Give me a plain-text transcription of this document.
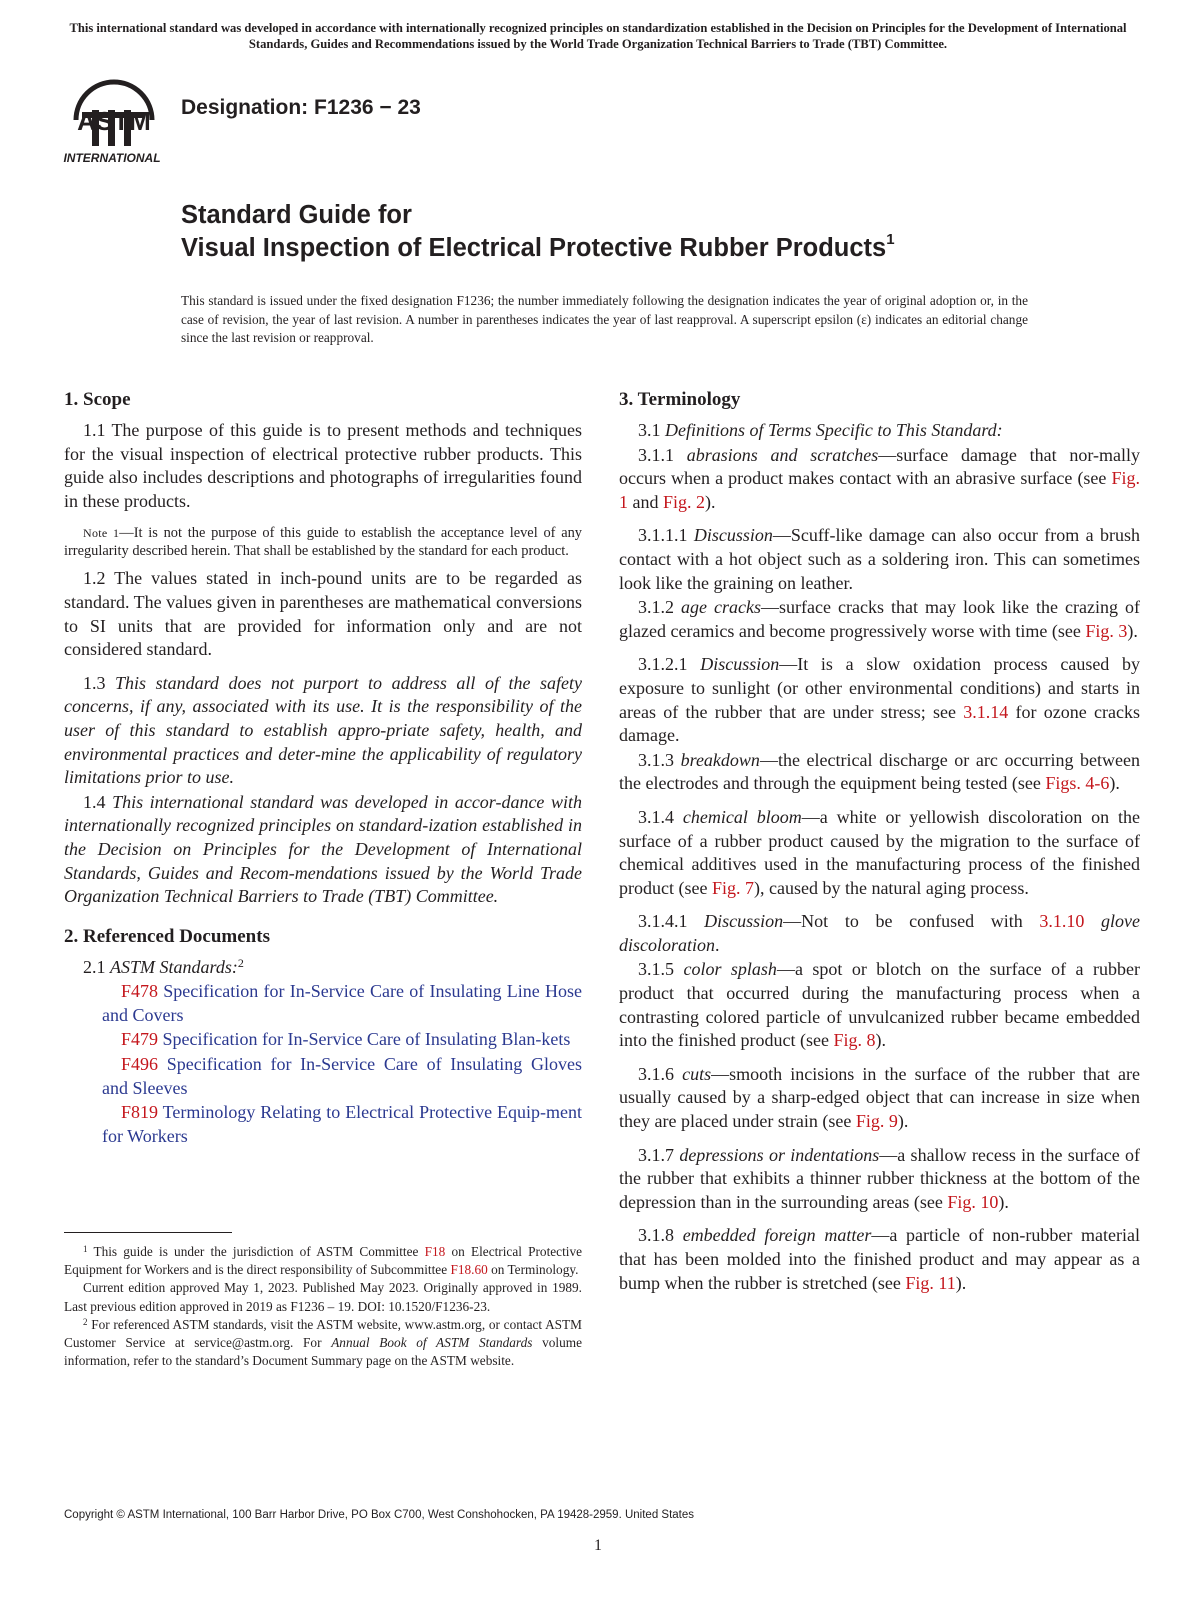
This international standard was developed in accordance with internationally recognized principles on standardization established in the Decision on Principles for the Development of International Standards, Guides and Recommendations issued by the World Trade Organization Technical Barriers to Trade (TBT) Committee.
ASTM
INTERNATIONAL
Designation: F1236 − 23
Standard Guide for
Visual Inspection of Electrical Protective Rubber Products$^1$
This standard is issued under the fixed designation F1236; the number immediately following the designation indicates the year of original adoption or, in the case of revision, the year of last revision. A number in parentheses indicates the year of last reapproval. A superscript epsilon (ε) indicates an editorial change since the last revision or reapproval.
1. Scope

1.1 The purpose of this guide is to present methods and techniques for the visual inspection of electrical protective rubber products. This guide also includes descriptions and photographs of irregularities found in these products.

Note 1—It is not the purpose of this guide to establish the acceptance level of any irregularity described herein. That shall be established by the standard for each product.

1.2 The values stated in inch-pound units are to be regarded as standard. The values given in parentheses are mathematical conversions to SI units that are provided for information only and are not considered standard.

1.3 This standard does not purport to address all of the safety concerns, if any, associated with its use. It is the responsibility of the user of this standard to establish appro-priate safety, health, and environmental practices and deter-mine the applicability of regulatory limitations prior to use.

1.4 This international standard was developed in accor-dance with internationally recognized principles on standard-ization established in the Decision on Principles for the Development of International Standards, Guides and Recom-mendations issued by the World Trade Organization Technical Barriers to Trade (TBT) Committee.

2. Referenced Documents

2.1 ASTM Standards:$^2$

F478 Specification for In-Service Care of Insulating Line Hose and Covers

F479 Specification for In-Service Care of Insulating Blan-kets

F496 Specification for In-Service Care of Insulating Gloves and Sleeves

F819 Terminology Relating to Electrical Protective Equip-ment for Workers

$^1$ This guide is under the jurisdiction of ASTM Committee F18 on Electrical Protective Equipment for Workers and is the direct responsibility of Subcommittee F18.60 on Terminology.

Current edition approved May 1, 2023. Published May 2023. Originally approved in 1989. Last previous edition approved in 2019 as F1236 – 19. DOI: 10.1520/F1236-23.

$^2$ For referenced ASTM standards, visit the ASTM website, www.astm.org, or contact ASTM Customer Service at service@astm.org. For Annual Book of ASTM Standards volume information, refer to the standard’s Document Summary page on the ASTM website.

3. Terminology

3.1 Definitions of Terms Specific to This Standard:

3.1.1 abrasions and scratches—surface damage that nor-mally occurs when a product makes contact with an abrasive surface (see Fig. 1 and Fig. 2).

3.1.1.1 Discussion—Scuff-like damage can also occur from a brush contact with a hot object such as a soldering iron. This can sometimes look like the graining on leather.

3.1.2 age cracks—surface cracks that may look like the crazing of glazed ceramics and become progressively worse with time (see Fig. 3).

3.1.2.1 Discussion—It is a slow oxidation process caused by exposure to sunlight (or other environmental conditions) and starts in areas of the rubber that are under stress; see 3.1.14 for ozone cracks damage.

3.1.3 breakdown—the electrical discharge or arc occurring between the electrodes and through the equipment being tested (see Figs. 4-6).

3.1.4 chemical bloom—a white or yellowish discoloration on the surface of a rubber product caused by the migration to the surface of chemical additives used in the manufacturing process of the finished product (see Fig. 7), caused by the natural aging process.

3.1.4.1 Discussion—Not to be confused with 3.1.10 glove discoloration.

3.1.5 color splash—a spot or blotch on the surface of a rubber product that occurred during the manufacturing process when a contrasting colored particle of unvulcanized rubber became embedded into the finished product (see Fig. 8).

3.1.6 cuts—smooth incisions in the surface of the rubber that are usually caused by a sharp-edged object that can increase in size when they are placed under strain (see Fig. 9).

3.1.7 depressions or indentations—a shallow recess in the surface of the rubber that exhibits a thinner rubber thickness at the bottom of the depression than in the surrounding areas (see Fig. 10).

3.1.8 embedded foreign matter—a particle of non-rubber material that has been molded into the finished product and may appear as a bump when the rubber is stretched (see Fig. 11).

Copyright © ASTM International, 100 Barr Harbor Drive, PO Box C700, West Conshohocken, PA 19428-2959. United States
1
